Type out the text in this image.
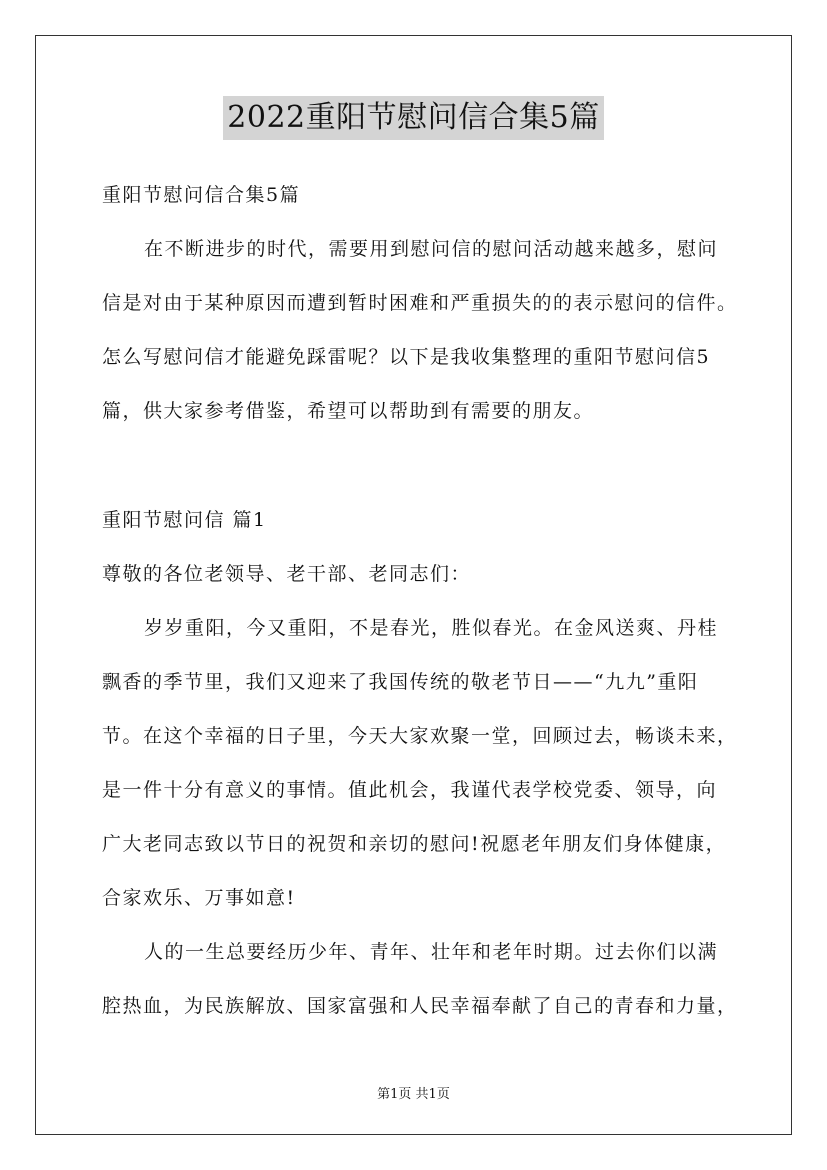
2022重阳节慰问信合集5篇
重阳节慰问信合集5篇
在不断进步的时代，需要用到慰问信的慰问活动越来越多，慰问
信是对由于某种原因而遭到暂时困难和严重损失的的表示慰问的信件。
怎么写慰问信才能避免踩雷呢？以下是我收集整理的重阳节慰问信5
篇，供大家参考借鉴，希望可以帮助到有需要的朋友。
重阳节慰问信 篇1
尊敬的各位老领导、老干部、老同志们：
岁岁重阳，今又重阳，不是春光，胜似春光。在金风送爽、丹桂
飘香的季节里，我们又迎来了我国传统的敬老节日——“九九”重阳
节。在这个幸福的日子里，今天大家欢聚一堂，回顾过去，畅谈未来，
是一件十分有意义的事情。值此机会，我谨代表学校党委、领导，向
广大老同志致以节日的祝贺和亲切的慰问!祝愿老年朋友们身体健康，
合家欢乐、万事如意!
人的一生总要经历少年、青年、壮年和老年时期。过去你们以满
腔热血，为民族解放、国家富强和人民幸福奉献了自己的青春和力量，
第1页 共1页
